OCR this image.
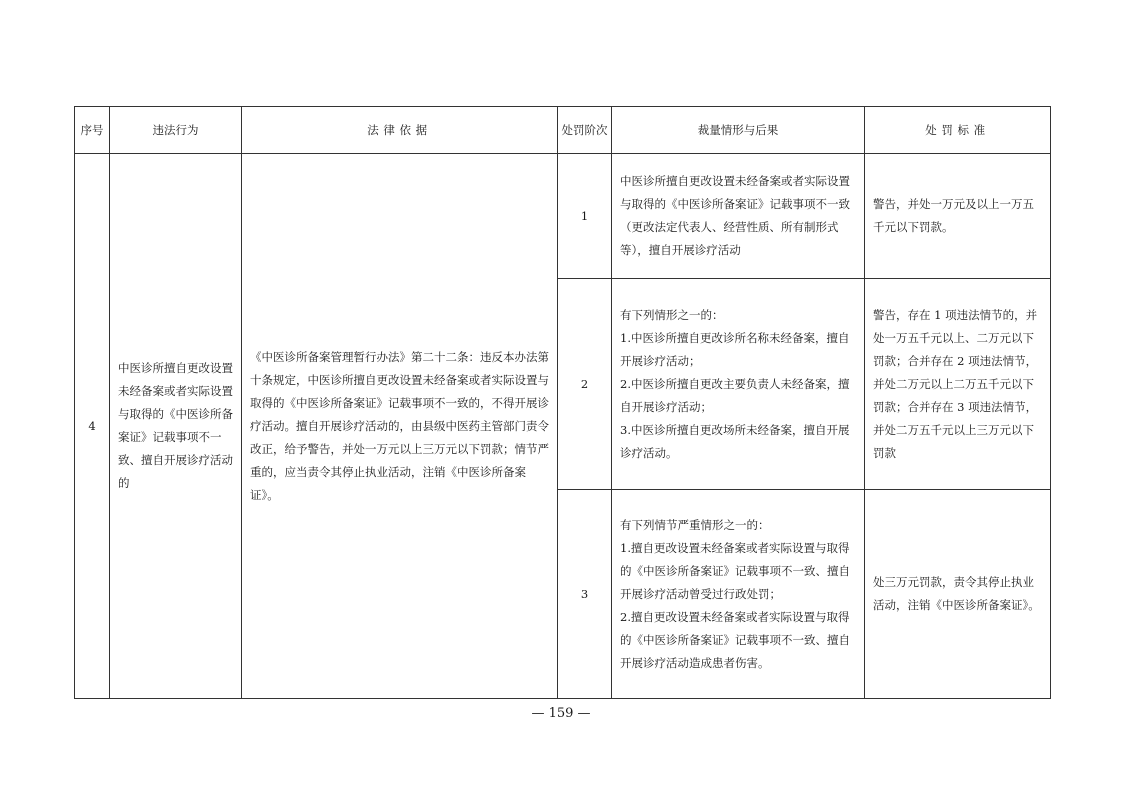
序号	违法行为	法律依据	处罚阶次	裁量情形与后果	处罚标准
4	中医诊所擅自更改设置未经备案或者实际设置与取得的《中医诊所备案证》记载事项不一致、擅自开展诊疗活动的	《中医诊所备案管理暂行办法》第二十二条：违反本办法第十条规定，中医诊所擅自更改设置未经备案或者实际设置与取得的《中医诊所备案证》记载事项不一致的，不得开展诊疗活动。擅自开展诊疗活动的，由县级中医药主管部门责令改正，给予警告，并处一万元以上三万元以下罚款；情节严重的，应当责令其停止执业活动，注销《中医诊所备案证》。	1	中医诊所擅自更改设置未经备案或者实际设置与取得的《中医诊所备案证》记载事项不一致（更改法定代表人、经营性质、所有制形式等），擅自开展诊疗活动	警告，并处一万元及以上一万五千元以下罚款。
			2	有下列情形之一的：
1.中医诊所擅自更改诊所名称未经备案，擅自开展诊疗活动；
2.中医诊所擅自更改主要负责人未经备案，擅自开展诊疗活动；
3.中医诊所擅自更改场所未经备案，擅自开展诊疗活动。	警告，存在 1 项违法情节的，并处一万五千元以上、二万元以下罚款；合并存在 2 项违法情节，并处二万元以上二万五千元以下罚款；合并存在 3 项违法情节，并处二万五千元以上三万元以下罚款
			3	有下列情节严重情形之一的：
1.擅自更改设置未经备案或者实际设置与取得的《中医诊所备案证》记载事项不一致、擅自开展诊疗活动曾受过行政处罚；
2.擅自更改设置未经备案或者实际设置与取得的《中医诊所备案证》记载事项不一致、擅自开展诊疗活动造成患者伤害。	处三万元罚款，责令其停止执业活动，注销《中医诊所备案证》。
— 159 —
